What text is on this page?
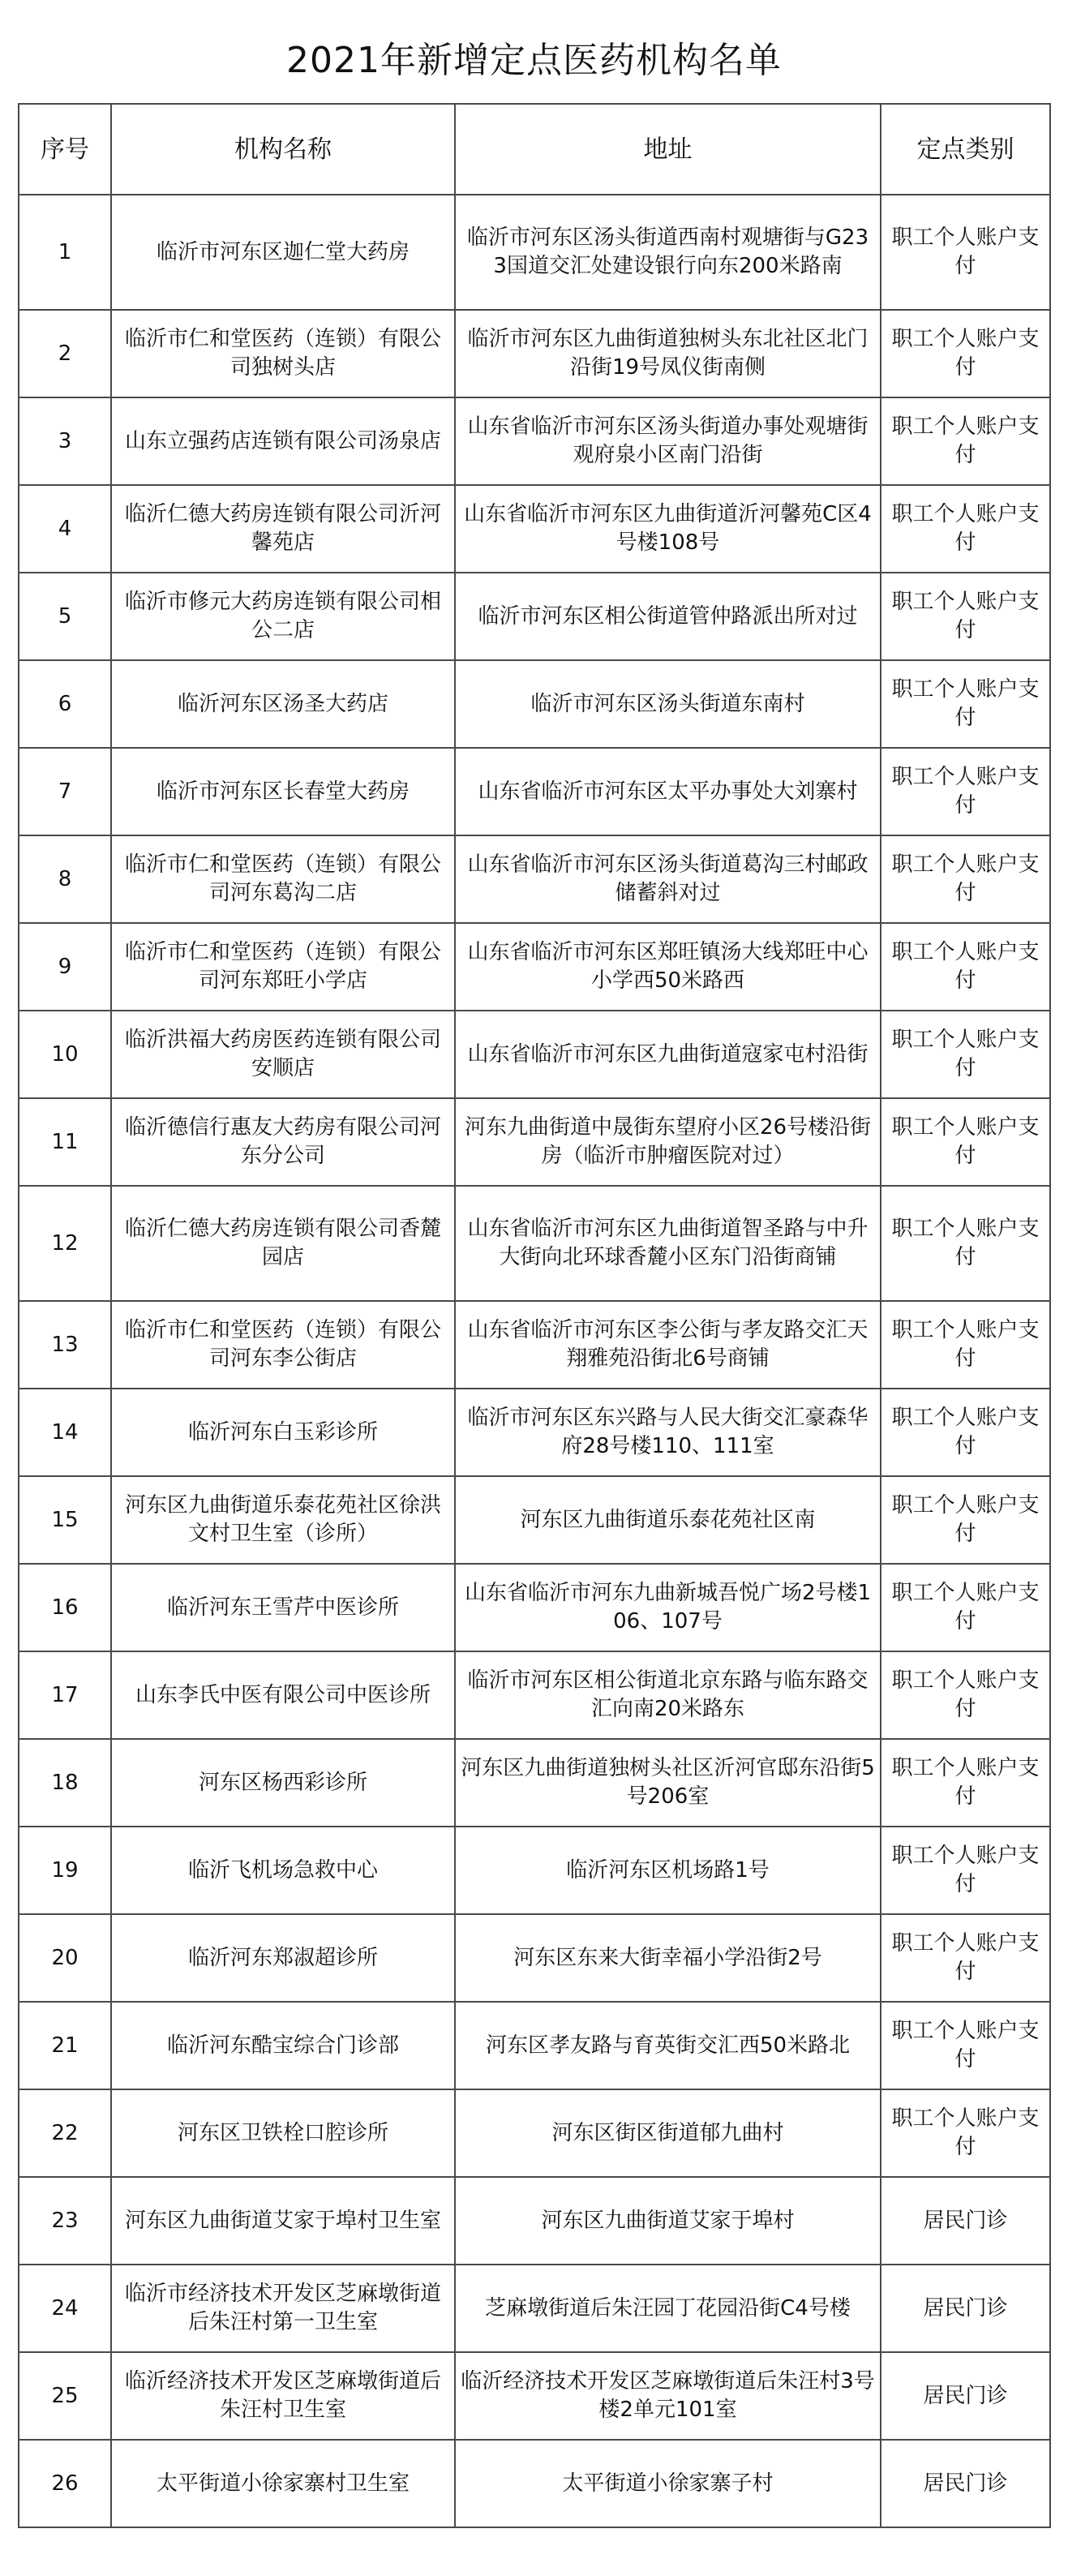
2021年新增定点医药机构名单
序号	机构名称	地址	定点类别
1	临沂市河东区迦仁堂大药房	临沂市河东区汤头街道西南村观塘街与G233国道交汇处建设银行向东200米路南	职工个人账户支付
2	临沂市仁和堂医药（连锁）有限公司独树头店	临沂市河东区九曲街道独树头东北社区北门沿街19号凤仪街南侧	职工个人账户支付
3	山东立强药店连锁有限公司汤泉店	山东省临沂市河东区汤头街道办事处观塘街观府泉小区南门沿街	职工个人账户支付
4	临沂仁德大药房连锁有限公司沂河馨苑店	山东省临沂市河东区九曲街道沂河馨苑C区4号楼108号	职工个人账户支付
5	临沂市修元大药房连锁有限公司相公二店	临沂市河东区相公街道管仲路派出所对过	职工个人账户支付
6	临沂河东区汤圣大药店	临沂市河东区汤头街道东南村	职工个人账户支付
7	临沂市河东区长春堂大药房	山东省临沂市河东区太平办事处大刘寨村	职工个人账户支付
8	临沂市仁和堂医药（连锁）有限公司河东葛沟二店	山东省临沂市河东区汤头街道葛沟三村邮政储蓄斜对过	职工个人账户支付
9	临沂市仁和堂医药（连锁）有限公司河东郑旺小学店	山东省临沂市河东区郑旺镇汤大线郑旺中心小学西50米路西	职工个人账户支付
10	临沂洪福大药房医药连锁有限公司安顺店	山东省临沂市河东区九曲街道寇家屯村沿街	职工个人账户支付
11	临沂德信行惠友大药房有限公司河东分公司	河东九曲街道中晟街东望府小区26号楼沿街房（临沂市肿瘤医院对过）	职工个人账户支付
12	临沂仁德大药房连锁有限公司香麓园店	山东省临沂市河东区九曲街道智圣路与中升大街向北环球香麓小区东门沿街商铺	职工个人账户支付
13	临沂市仁和堂医药（连锁）有限公司河东李公街店	山东省临沂市河东区李公街与孝友路交汇天翔雅苑沿街北6号商铺	职工个人账户支付
14	临沂河东白玉彩诊所	临沂市河东区东兴路与人民大街交汇豪森华府28号楼110、111室	职工个人账户支付
15	河东区九曲街道乐泰花苑社区徐洪文村卫生室（诊所）	河东区九曲街道乐泰花苑社区南	职工个人账户支付
16	临沂河东王雪芹中医诊所	山东省临沂市河东九曲新城吾悦广场2号楼106、107号	职工个人账户支付
17	山东李氏中医有限公司中医诊所	临沂市河东区相公街道北京东路与临东路交汇向南20米路东	职工个人账户支付
18	河东区杨西彩诊所	河东区九曲街道独树头社区沂河官邸东沿街5号206室	职工个人账户支付
19	临沂飞机场急救中心	临沂河东区机场路1号	职工个人账户支付
20	临沂河东郑淑超诊所	河东区东来大街幸福小学沿街2号	职工个人账户支付
21	临沂河东酷宝综合门诊部	河东区孝友路与育英街交汇西50米路北	职工个人账户支付
22	河东区卫铁栓口腔诊所	河东区街区街道郁九曲村	职工个人账户支付
23	河东区九曲街道艾家于埠村卫生室	河东区九曲街道艾家于埠村	居民门诊
24	临沂市经济技术开发区芝麻墩街道后朱汪村第一卫生室	芝麻墩街道后朱汪园丁花园沿街C4号楼	居民门诊
25	临沂经济技术开发区芝麻墩街道后朱汪村卫生室	临沂经济技术开发区芝麻墩街道后朱汪村3号楼2单元101室	居民门诊
26	太平街道小徐家寨村卫生室	太平街道小徐家寨子村	居民门诊
